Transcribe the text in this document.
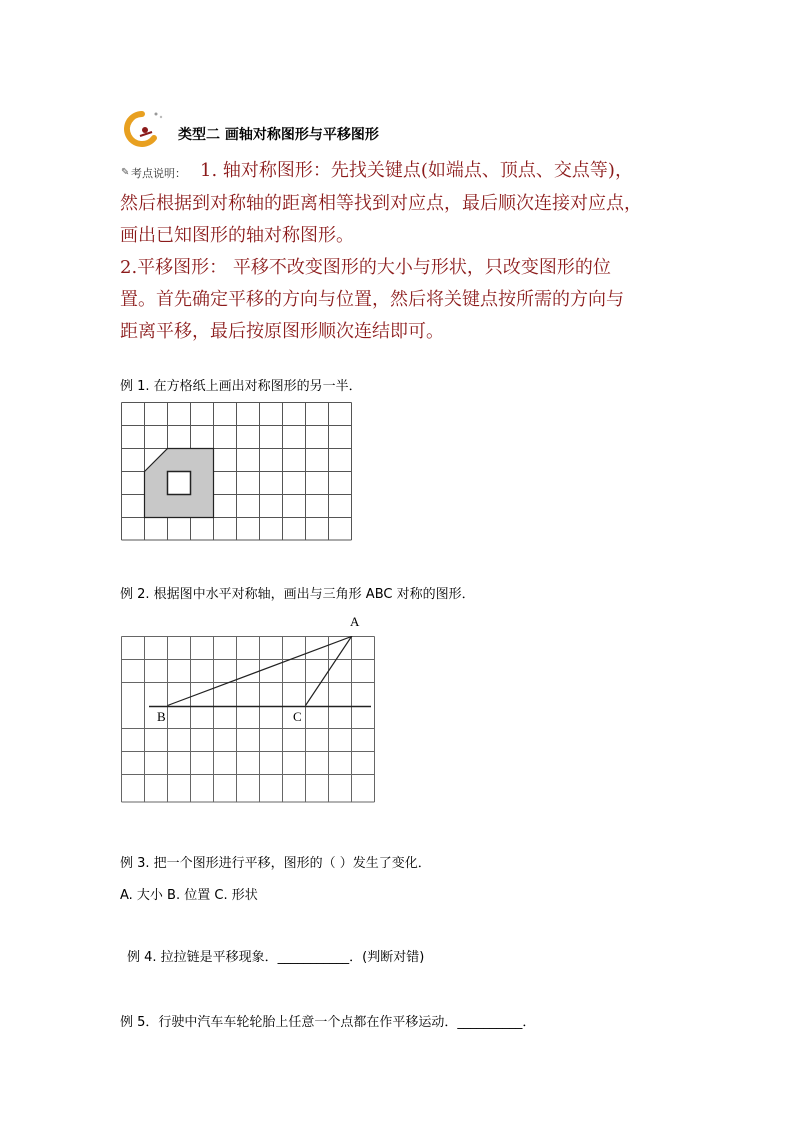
类型二 画轴对称图形与平移图形
✎ 考点说明： 1. 轴对称图形：先找关键点(如端点、顶点、交点等)，
然后根据到对称轴的距离相等找到对应点，最后顺次连接对应点，
画出已知图形的轴对称图形。
2.平移图形： 平移不改变图形的大小与形状，只改变图形的位
置。首先确定平移的方向与位置，然后将关键点按所需的方向与
距离平移，最后按原图形顺次连结即可。
例 1. 在方格纸上画出对称图形的另一半．
例 2. 根据图中水平对称轴，画出与三角形 ABC 对称的图形．
A
B	C
例 3. 把一个图形进行平移，图形的（ ）发生了变化．
A. 大小 B. 位置 C. 形状
例 4. 拉拉链是平移现象．___________．(判断对错)
例 5．行驶中汽车车轮轮胎上任意一个点都在作平移运动．__________．
